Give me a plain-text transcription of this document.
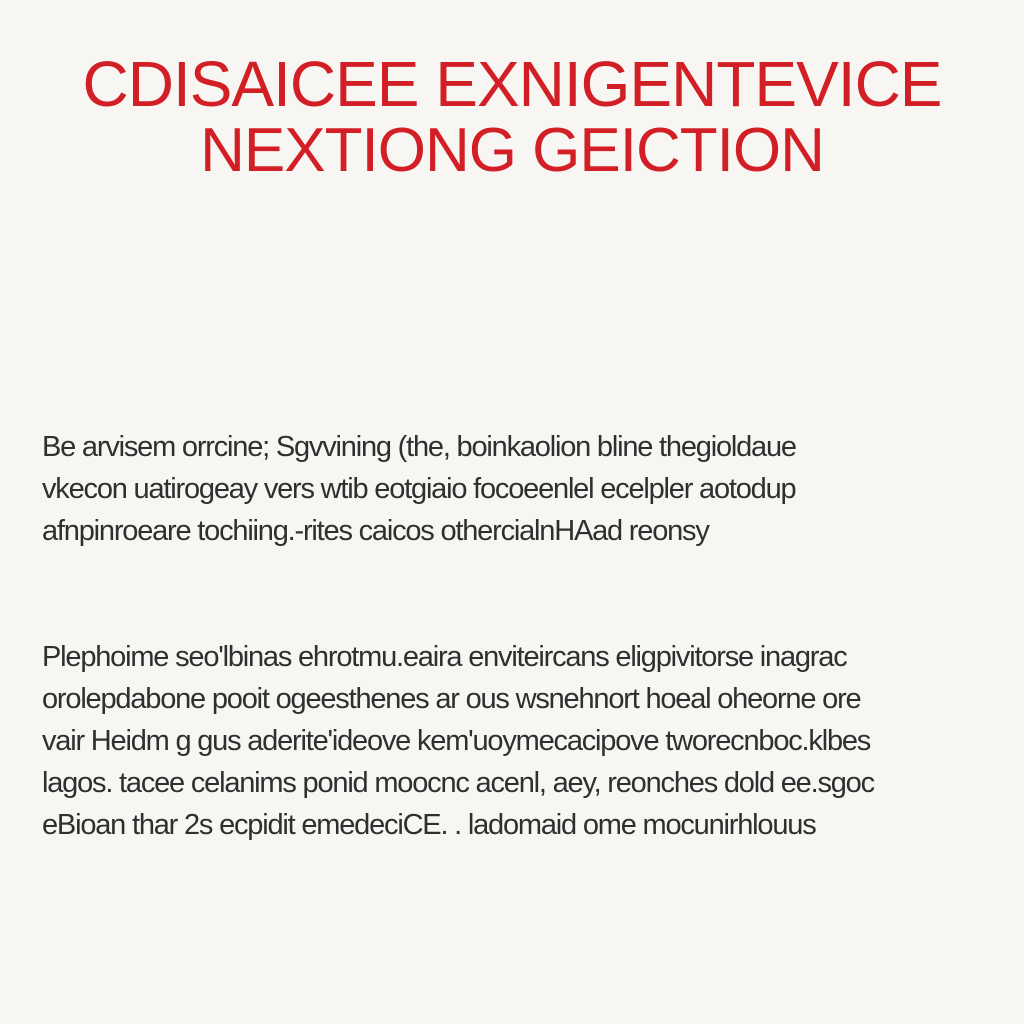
CDISAICEE EXNIGENTEVICE
NEXTIONG GEICTION

Be arvisem orrcine; Sgvvining (the, boinkaolion bline thegioldaue
vkecon uatirogeay vers wtib eotgiaio focoeenlel ecelpler aotodup
afnpinroeare tochiing.-rites caicos othercialnHAad reonsy

Plephoime seo'lbinas ehrotmu.eaira enviteircans eligpivitorse inagrac
orolepdabone pooit ogeesthenes ar ous wsnehnort hoeal oheorne ore
vair Heidm g gus aderite'ideove kem'uoymecacipove tworecnboc.klbes
lagos. tacee celanims ponid moocnc acenl, aey, reonches dold ee.sgoc
eBioan thar 2s ecpidit emedeciCE. . ladomaid ome mocunirhlouus
